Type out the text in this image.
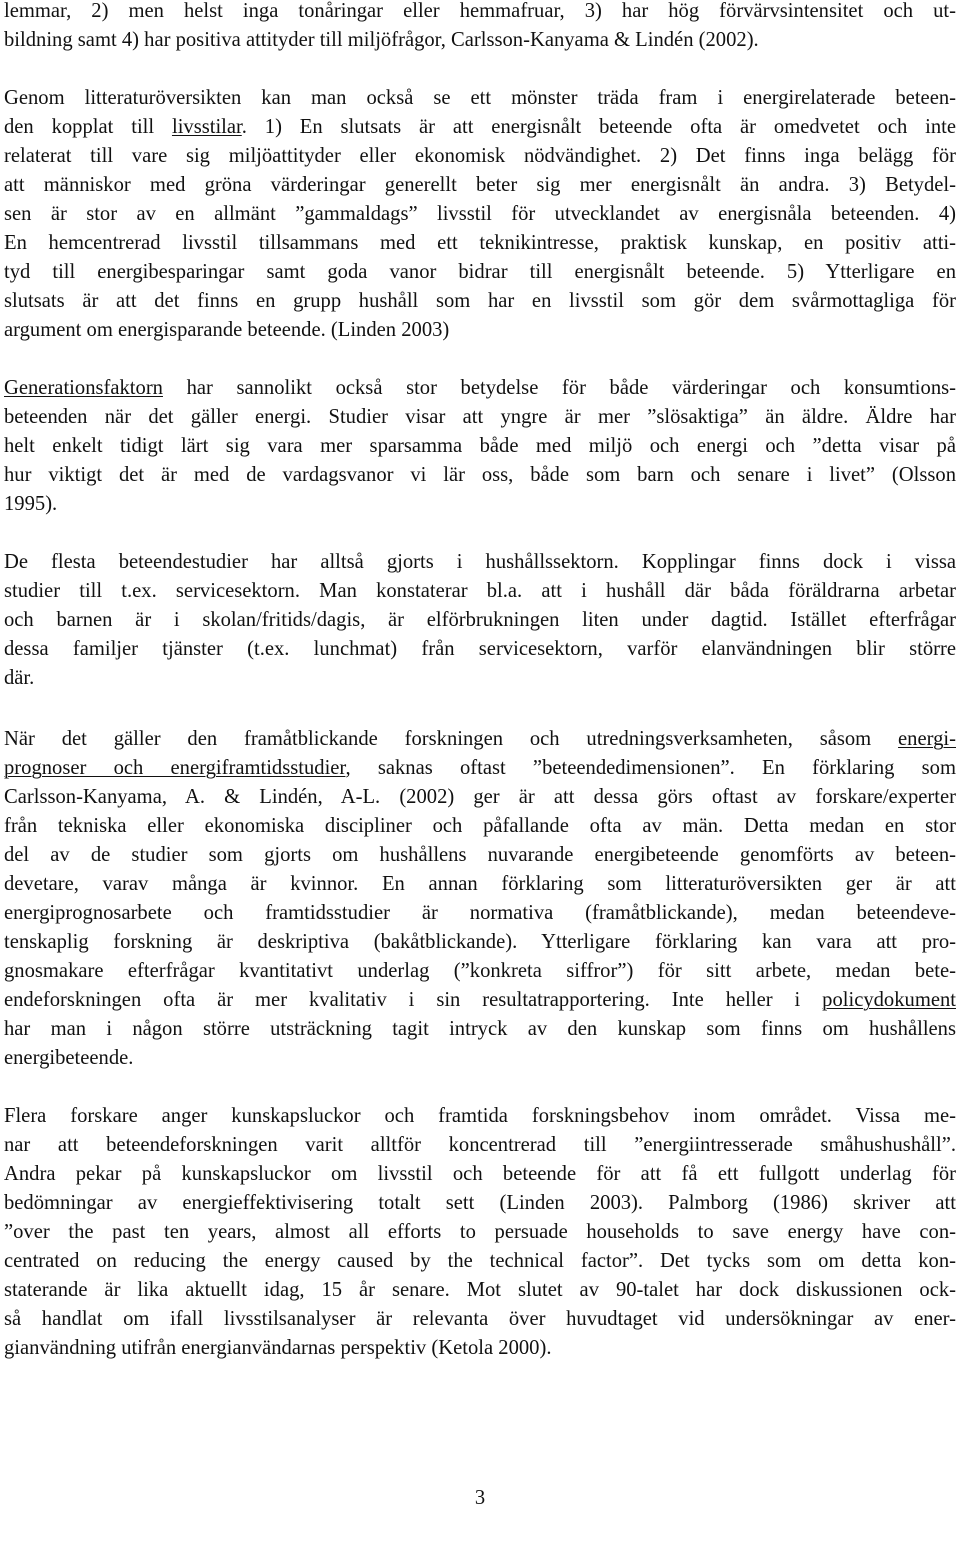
lemmar, 2) men helst inga tonåringar eller hemmafruar, 3) har hög förvärvsintensitet och ut-

bildning samt 4) har positiva attityder till miljöfrågor, Carlsson-Kanyama & Lindén (2002).

Genom litteraturöversikten kan man också se ett mönster träda fram i energirelaterade beteen-

den kopplat till livsstilar. 1) En slutsats är att energisnålt beteende ofta är omedvetet och inte

relaterat till vare sig miljöattityder eller ekonomisk nödvändighet. 2) Det finns inga belägg för

att människor med gröna värderingar generellt beter sig mer energisnålt än andra. 3) Betydel-

sen är stor av en allmänt ”gammaldags” livsstil för utvecklandet av energisnåla beteenden. 4)

En hemcentrerad livsstil tillsammans med ett teknikintresse, praktisk kunskap, en positiv atti-

tyd till energibesparingar samt goda vanor bidrar till energisnålt beteende. 5) Ytterligare en

slutsats är att det finns en grupp hushåll som har en livsstil som gör dem svårmottagliga för

argument om energisparande beteende. (Linden 2003)

Generationsfaktorn har sannolikt också stor betydelse för både värderingar och konsumtions-

beteenden när det gäller energi. Studier visar att yngre är mer ”slösaktiga” än äldre. Äldre har

helt enkelt tidigt lärt sig vara mer sparsamma både med miljö och energi och ”detta visar på

hur viktigt det är med de vardagsvanor vi lär oss, både som barn och senare i livet” (Olsson

1995).

De flesta beteendestudier har alltså gjorts i hushållssektorn. Kopplingar finns dock i vissa

studier till t.ex. servicesektorn. Man konstaterar bl.a. att i hushåll där båda föräldrarna arbetar

och barnen är i skolan/fritids/dagis, är elförbrukningen liten under dagtid. Istället efterfrågar

dessa familjer tjänster (t.ex. lunchmat) från servicesektorn, varför elanvändningen blir större

där.

När det gäller den framåtblickande forskningen och utredningsverksamheten, såsom energi-

prognoser och energiframtidsstudier, saknas oftast ”beteendedimensionen”. En förklaring som

Carlsson-Kanyama, A. & Lindén, A-L. (2002) ger är att dessa görs oftast av forskare/experter

från tekniska eller ekonomiska discipliner och påfallande ofta av män. Detta medan en stor

del av de studier som gjorts om hushållens nuvarande energibeteende genomförts av beteen-

devetare, varav många är kvinnor. En annan förklaring som litteraturöversikten ger är att

energiprognosarbete och framtidsstudier är normativa (framåtblickande), medan beteendeve-

tenskaplig forskning är deskriptiva (bakåtblickande). Ytterligare förklaring kan vara att pro-

gnosmakare efterfrågar kvantitativt underlag (”konkreta siffror”) för sitt arbete, medan bete-

endeforskningen ofta är mer kvalitativ i sin resultatrapportering. Inte heller i policydokument

har man i någon större utsträckning tagit intryck av den kunskap som finns om hushållens

energibeteende.

Flera forskare anger kunskapsluckor och framtida forskningsbehov inom området. Vissa me-

nar att beteendeforskningen varit alltför koncentrerad till ”energiintresserade småhushushåll”.

Andra pekar på kunskapsluckor om livsstil och beteende för att få ett fullgott underlag för

bedömningar av energieffektivisering totalt sett (Linden 2003). Palmborg (1986) skriver att

”over the past ten years, almost all efforts to persuade households to save energy have con-

centrated on reducing the energy caused by the technical factor”. Det tycks som om detta kon-

staterande är lika aktuellt idag, 15 år senare. Mot slutet av 90-talet har dock diskussionen ock-

så handlat om ifall livsstilsanalyser är relevanta över huvudtaget vid undersökningar av ener-

gianvändning utifrån energianvändarnas perspektiv (Ketola 2000).

3
